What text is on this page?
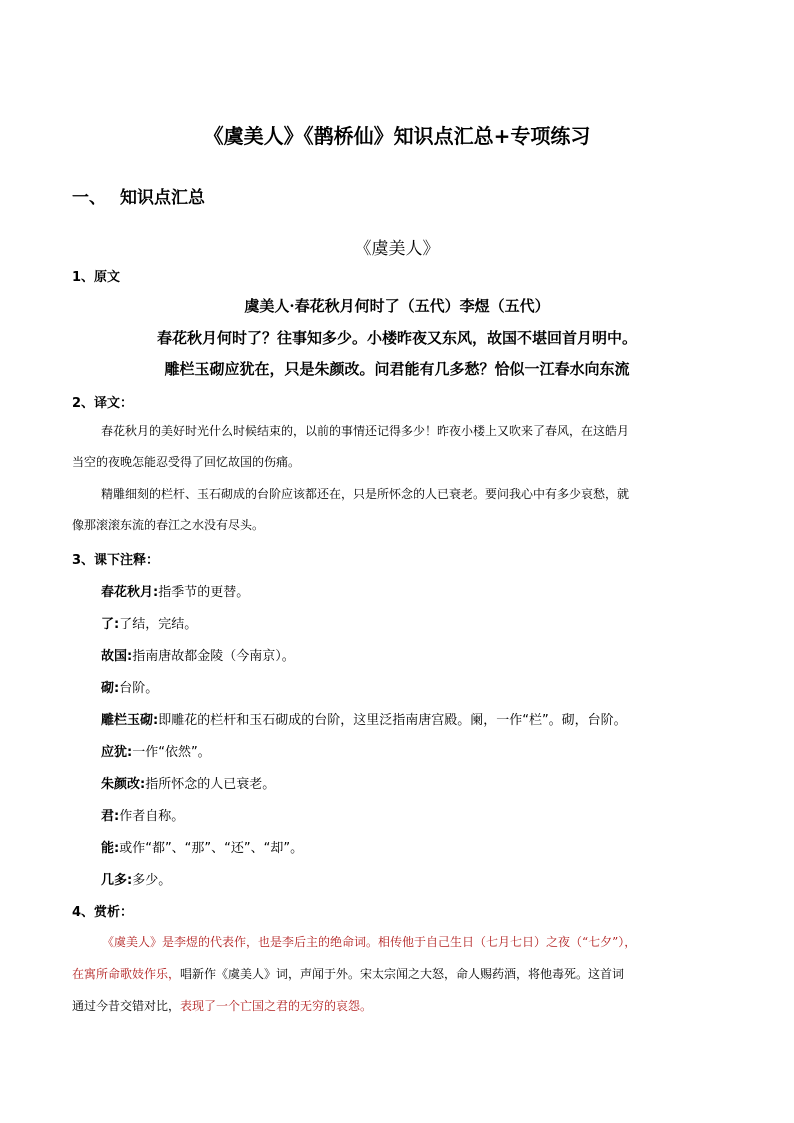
《虞美人》《鹊桥仙》知识点汇总+专项练习
一、 知识点汇总
《虞美人》
1、原文
虞美人·春花秋月何时了（五代）李煜（五代）
春花秋月何时了？往事知多少。小楼昨夜又东风，故国不堪回首月明中。
雕栏玉砌应犹在，只是朱颜改。问君能有几多愁？恰似一江春水向东流
2、译文：
春花秋月的美好时光什么时候结束的，以前的事情还记得多少！昨夜小楼上又吹来了春风，在这皓月
当空的夜晚怎能忍受得了回忆故国的伤痛。
精雕细刻的栏杆、玉石砌成的台阶应该都还在，只是所怀念的人已衰老。要问我心中有多少哀愁，就
像那滚滚东流的春江之水没有尽头。
3、课下注释：
春花秋月:指季节的更替。
了:了结，完结。
故国:指南唐故都金陵（今南京）。
砌:台阶。
雕栏玉砌:即雕花的栏杆和玉石砌成的台阶，这里泛指南唐宫殿。阑，一作“栏”。砌，台阶。
应犹:一作“依然”。
朱颜改:指所怀念的人已衰老。
君:作者自称。
能:或作“都”、“那”、“还”、“却”。
几多:多少。
4、赏析：
《虞美人》是李煜的代表作，也是李后主的绝命词。相传他于自己生日（七月七日）之夜（“七夕”），
在寓所命歌妓作乐，唱新作《虞美人》词，声闻于外。宋太宗闻之大怒，命人赐药酒，将他毒死。这首词
通过今昔交错对比，表现了一个亡国之君的无穷的哀怨。
